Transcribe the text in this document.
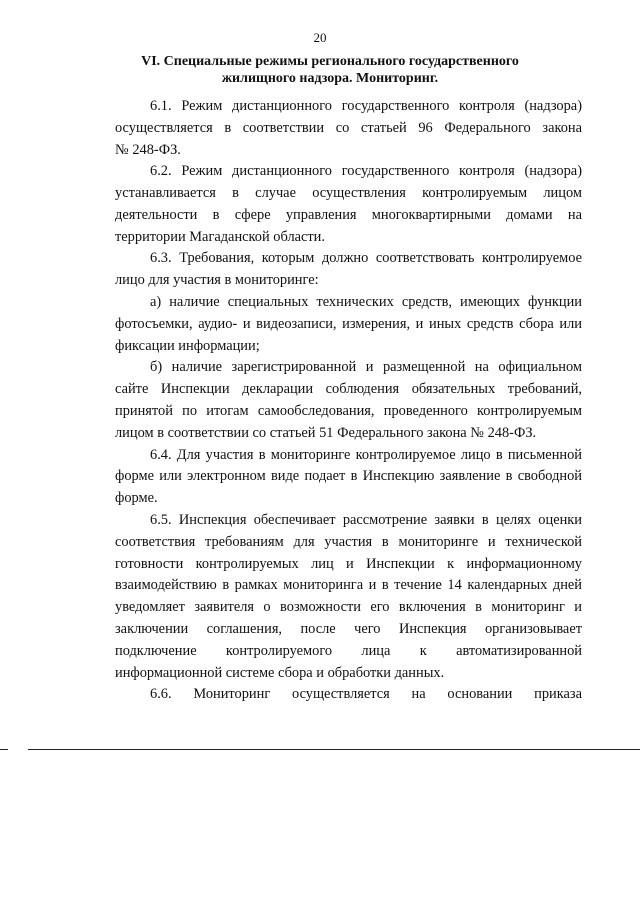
20
VI. Специальные режимы регионального государственного
жилищного надзора. Мониторинг.
6.1. Режим дистанционного государственного контроля (надзора)
осуществляется в соответствии со статьей 96 Федерального закона
№ 248-ФЗ.
6.2. Режим дистанционного государственного контроля (надзора)
устанавливается в случае осуществления контролируемым лицом
деятельности в сфере управления многоквартирными домами на
территории Магаданской области.
6.3. Требования, которым должно соответствовать контролируемое
лицо для участия в мониторинге:
а) наличие специальных технических средств, имеющих функции
фотосъемки, аудио- и видеозаписи, измерения, и иных средств сбора или
фиксации информации;
б) наличие зарегистрированной и размещенной на официальном
сайте Инспекции декларации соблюдения обязательных требований,
принятой по итогам самообследования, проведенного контролируемым
лицом в соответствии со статьей 51 Федерального закона № 248-ФЗ.
6.4. Для участия в мониторинге контролируемое лицо в письменной
форме или электронном виде подает в Инспекцию заявление в свободной
форме.
6.5. Инспекция обеспечивает рассмотрение заявки в целях оценки
соответствия требованиям для участия в мониторинге и технической
готовности контролируемых лиц и Инспекции к информационному
взаимодействию в рамках мониторинга и в течение 14 календарных дней
уведомляет заявителя о возможности его включения в мониторинг и
заключении соглашения, после чего Инспекция организовывает
подключение контролируемого лица к автоматизированной
информационной системе сбора и обработки данных.
6.6. Мониторинг осуществляется на основании приказа
